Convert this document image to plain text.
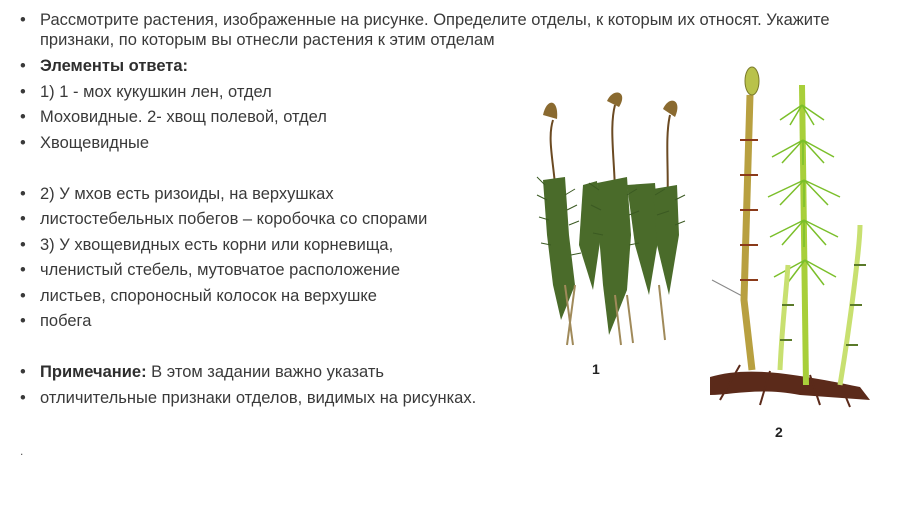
• Рассмотрите растения, изображенные на рисунке. Определите отделы, к которым их относят. Укажите признаки, по которым вы отнесли растения к этим отделам
• Элементы ответа:
• 1) 1 - мох кукушкин лен, отдел
• Моховидные. 2- хвощ полевой, отдел
• Хвощевидные
• 2) У мхов есть ризоиды, на верхушках
• листостебельных побегов – коробочка со спорами
• 3) У хвощевидных есть корни или корневища,
• членистый стебель, мутовчатое расположение
• листьев, спороносный колосок на верхушке
• побега
• Примечание: В этом задании важно указать
• отличительные признаки отделов, видимых на рисунках.
.
1
2
